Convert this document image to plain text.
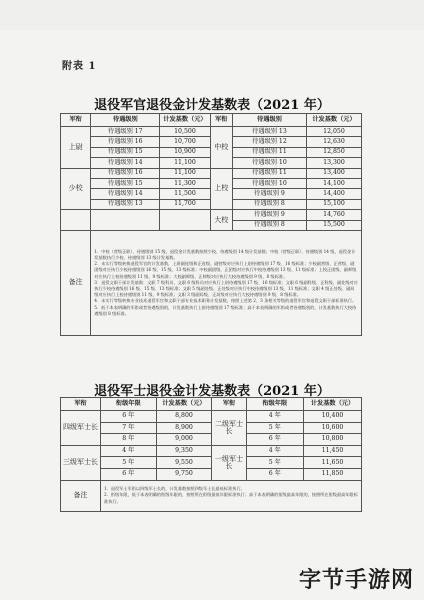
附表 1
退役军官退役金计发基数表（2021 年）
军衔	待遇级别	计发基数（元）	军衔	待遇级别	计发基数（元）
上尉	待遇级别 17	10,500	中校	待遇级别 13	12,050
	待遇级别 16	10,700		待遇级别 12	12,630
	待遇级别 15	10,900		待遇级别 11	12,850
	待遇级别 14	11,100		待遇级别 10	13,300
少校	待遇级别 16	11,100	上校	待遇级别 11	13,400
	待遇级别 15	11,300		待遇级别 10	14,100
	待遇级别 14	11,500		待遇级别 9	14,400
	待遇级别 13	11,700		待遇级别 8	15,100
			大校	待遇级别 9	14,760
				待遇级别 8	15,500
备注	1．中校（营级正职）、待遇级别 15 级，退役金计发基数按照少校、待遇级别 14 级计发基数；中校（营级正职）、待遇级别 14 级，退役金计发基数执行少校、待遇级别 13 级计发基数。

2．未实行等级转换退役军官的计发基数，上尉副连级和正连级、副营级对应执行上尉待遇级别 17 级、16 级标准；少校副营级、正营级、副团级对应执行少校待遇级别 16 级、15 级、13 级标准；中校副团级、正团级对应执行中校待遇级别 13 级、11 级标准；上校正团级、副师级对应执行上校待遇级别 11 级、9 级标准；大校副师级、正师级对应执行大校待遇级别 9 级、8 级标准。

3．退役文职干部计发基数：文职 7 级科员、文职 6 级科员对应执行上尉待遇级别 17 级、16 级标准；文职 6 级副科级、正科级、副处级对应执行少校待遇级别 16 级、15 级、13 级标准；文职 5 级副处级、正处级对应执行中校待遇级别 13 级、11 级标准；文职 4 级正处级、副局级对应执行上校待遇级别 11 级、9 级标准；文职 3 级副局级、正局级对应执行大校待遇级别 9 级、8 级标准。

4．未实行等级转换专业技术退役军官和文职干部专业技术职务计发基数，按照上述第 2、3 条相关等级的退役军官和退役文职干部标准执行。

5．低于本表明确的军衔或者待遇级别的，计发基数执行上尉待遇级别 17 级标准；高于本表明确的军衔或者待遇级别的，计发基数执行大校待遇级别 8 级标准。				

退役军士退役金计发基数表（2021 年）
军衔	衔级年限	计发基数（元）	军衔	衔级年限	计发基数（元）
四级军士长	6 年	8,800	二级军士长	4 年	10,400
	7 年	8,900		5 年	10,600
	8 年	9,000		6 年	10,800
三级军士长	4 年	9,350	一级军士长	4 年	11,450
	5 年	9,550		5 年	11,650
	6 年	9,750		6 年	11,850
备注	1．退役军士军衔以四级军士长的，计发基数按照四级军士长最低标准执行。

2．衔级年限，低于本表明确的衔级年限的，按照所在衔级最低年限标准执行；高于本表明确的衔级最高年限的，按照所在衔级最高年限标准执行。				

字节手游网
